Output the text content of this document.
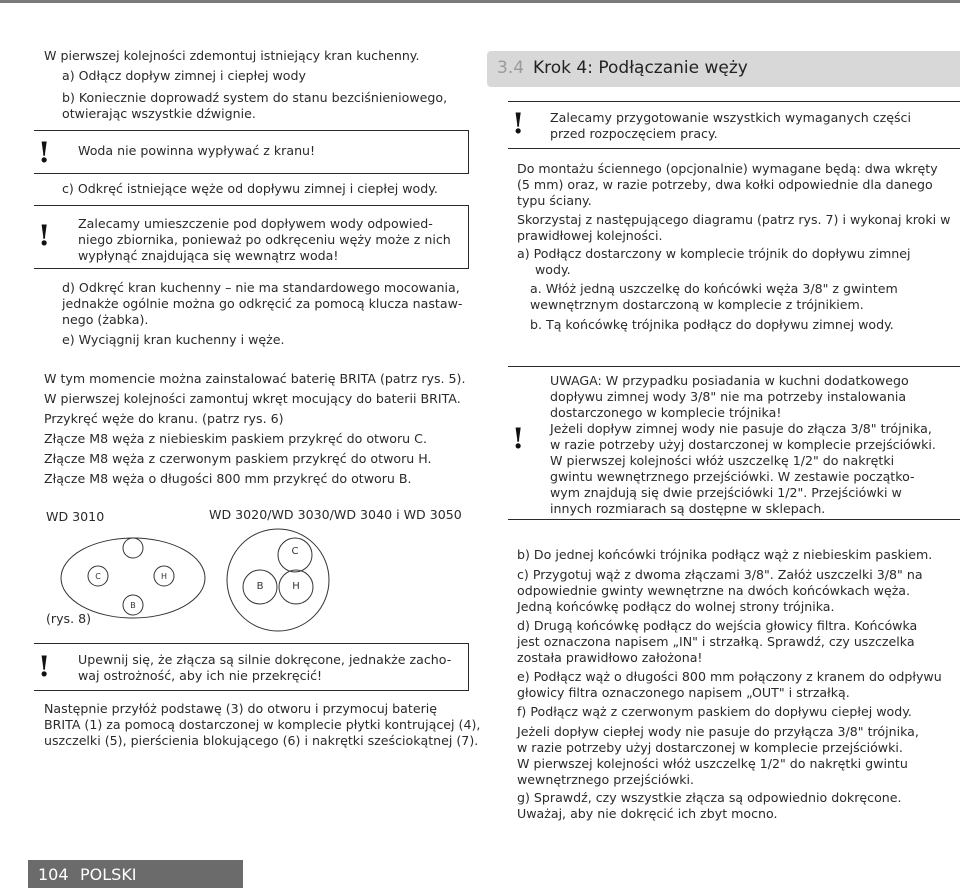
W pierwszej kolejności zdemontuj istniejący kran kuchenny.
a) Odłącz dopływ zimnej i ciepłej wody
b) Koniecznie doprowadź system do stanu bezciśnieniowego,
otwierając wszystkie dźwignie.
! Woda nie powinna wypływać z kranu!
c) Odkręć istniejące węże od dopływu zimnej i ciepłej wody.
! Zalecamy umieszczenie pod dopływem wody odpowied-
niego zbiornika, ponieważ po odkręceniu węży może z nich
wypłynąć znajdująca się wewnątrz woda!
d) Odkręć kran kuchenny – nie ma standardowego mocowania,
jednakże ogólnie można go odkręcić za pomocą klucza nastaw-
nego (żabka).
e) Wyciągnij kran kuchenny i węże.

W tym momencie można zainstalować baterię BRITA (patrz rys. 5).

W pierwszej kolejności zamontuj wkręt mocujący do baterii BRITA.

Przykręć węże do kranu. (patrz rys. 6)

Złącze M8 węża z niebieskim paskiem przykręć do otworu C.

Złącze M8 węża z czerwonym paskiem przykręć do otworu H.

Złącze M8 węża o długości 800 mm przykręć do otworu B.

WD 3010	WD 3020/WD 3030/WD 3040 i WD 3050
(rys. 8)
C	H
B
C
B	H
! Upewnij się, że złącza są silnie dokręcone, jednakże zacho-
waj ostrożność, aby ich nie przekręcić!
Następnie przyłóż podstawę (3) do otworu i przymocuj baterię
BRITA (1) za pomocą dostarczonej w komplecie płytki kontrującej (4),
uszczelki (5), pierścienia blokującego (6) i nakrętki sześciokątnej (7).
3.4 Krok 4: Podłączanie węży
! Zalecamy przygotowanie wszystkich wymaganych części
przed rozpoczęciem pracy.
Do montażu ściennego (opcjonalnie) wymagane będą: dwa wkręty
(5 mm) oraz, w razie potrzeby, dwa kołki odpowiednie dla danego
typu ściany.
Skorzystaj z następującego diagramu (patrz rys. 7) i wykonaj kroki w
prawidłowej kolejności.
a) Podłącz dostarczony w komplecie trójnik do dopływu zimnej
wody.
a. Włóż jedną uszczelkę do końcówki węża 3/8" z gwintem
wewnętrznym dostarczoną w komplecie z trójnikiem.
b. Tą końcówkę trójnika podłącz do dopływu zimnej wody.
!
UWAGA: W przypadku posiadania w kuchni dodatkowego
dopływu zimnej wody 3/8" nie ma potrzeby instalowania
dostarczonego w komplecie trójnika!
Jeżeli dopływ zimnej wody nie pasuje do złącza 3/8" trójnika,
w razie potrzeby użyj dostarczonej w komplecie przejściówki.
W pierwszej kolejności włóż uszczelkę 1/2" do nakrętki
gwintu wewnętrznego przejściówki. W zestawie początko-
wym znajdują się dwie przejściówki 1/2". Przejściówki w
innych rozmiarach są dostępne w sklepach.
b) Do jednej końcówki trójnika podłącz wąż z niebieskim paskiem.
c) Przygotuj wąż z dwoma złączami 3/8". Załóż uszczelki 3/8" na
odpowiednie gwinty wewnętrzne na dwóch końcówkach węża.
Jedną końcówkę podłącz do wolnej strony trójnika.
d) Drugą końcówkę podłącz do wejścia głowicy filtra. Końcówka
jest oznaczona napisem „IN" i strzałką. Sprawdź, czy uszczelka
została prawidłowo założona!
e) Podłącz wąż o długości 800 mm połączony z kranem do odpływu
głowicy filtra oznaczonego napisem „OUT" i strzałką.
f) Podłącz wąż z czerwonym paskiem do dopływu ciepłej wody.
Jeżeli dopływ ciepłej wody nie pasuje do przyłącza 3/8" trójnika,
w razie potrzeby użyj dostarczonej w komplecie przejściówki.
W pierwszej kolejności włóż uszczelkę 1/2" do nakrętki gwintu
wewnętrznego przejściówki.
g) Sprawdź, czy wszystkie złącza są odpowiednio dokręcone.
Uważaj, aby nie dokręcić ich zbyt mocno.
104 POLSKI
